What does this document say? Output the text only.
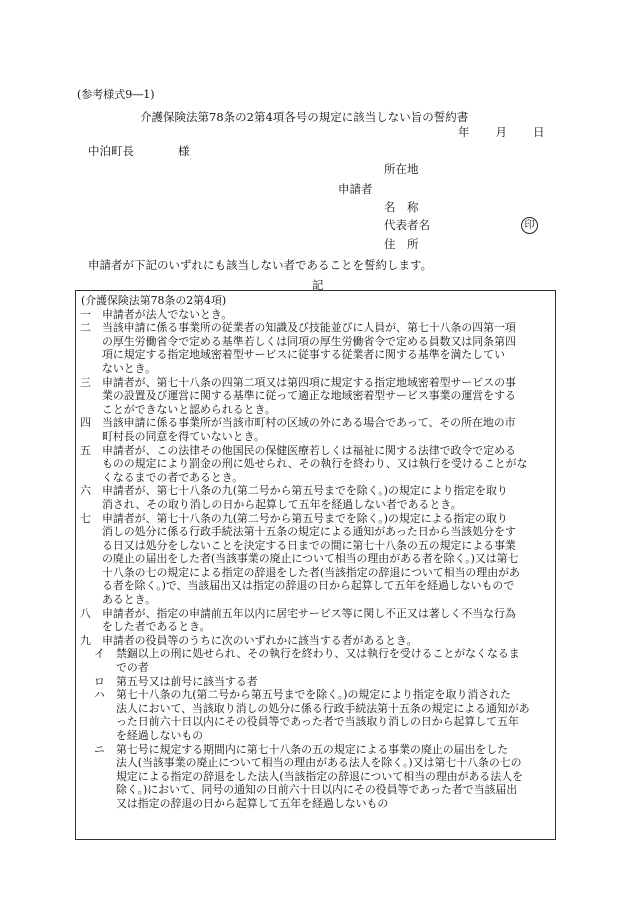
(参考様式9―1)
介護保険法第78条の2第4項各号の規定に該当しない旨の誓約書
年 月 日
中泊町長	様
所在地
申請者
名　称
代表者名	印
住　所
申請者が下記のいずれにも該当しない者であることを誓約します。
記
(介護保険法第78条の2第4項)
一	申請者が法人でないとき。
二	当該申請に係る事業所の従業者の知識及び技能並びに人員が、第七十八条の四第一項
の厚生労働省令で定める基準若しくは同項の厚生労働省令で定める員数又は同条第四
項に規定する指定地域密着型サービスに従事する従業者に関する基準を満たしてい
ないとき。
三	申請者が、第七十八条の四第二項又は第四項に規定する指定地域密着型サービスの事
業の設置及び運営に関する基準に従って適正な地域密着型サービス事業の運営をする
ことができないと認められるとき。
四	当該申請に係る事業所が当該市町村の区域の外にある場合であって、その所在地の市
町村長の同意を得ていないとき。
五	申請者が、この法律その他国民の保健医療若しくは福祉に関する法律で政令で定める
ものの規定により罰金の刑に処せられ、その執行を終わり、又は執行を受けることがな
くなるまでの者であるとき。
六	申請者が、第七十八条の九(第二号から第五号までを除く。)の規定により指定を取り
消され、その取り消しの日から起算して五年を経過しない者であるとき。
七	申請者が、第七十八条の九(第二号から第五号までを除く。)の規定による指定の取り
消しの処分に係る行政手続法第十五条の規定による通知があった日から当該処分をす
る日又は処分をしないことを決定する日までの間に第七十八条の五の規定による事業
の廃止の届出をした者(当該事業の廃止について相当の理由がある者を除く。)又は第七
十八条の七の規定による指定の辞退をした者(当該指定の辞退について相当の理由があ
る者を除く。)で、当該届出又は指定の辞退の日から起算して五年を経過しないもので
あるとき。
八	申請者が、指定の申請前五年以内に居宅サービス等に関し不正又は著しく不当な行為
をした者であるとき。
九	申請者の役員等のうちに次のいずれかに該当する者があるとき。
イ	禁錮以上の刑に処せられ、その執行を終わり、又は執行を受けることがなくなるま
での者
ロ	第五号又は前号に該当する者
ハ	第七十八条の九(第二号から第五号までを除く。)の規定により指定を取り消された
法人において、当該取り消しの処分に係る行政手続法第十五条の規定による通知があ
った日前六十日以内にその役員等であった者で当該取り消しの日から起算して五年
を経過しないもの
ニ	第七号に規定する期間内に第七十八条の五の規定による事業の廃止の届出をした
法人(当該事業の廃止について相当の理由がある法人を除く。)又は第七十八条の七の
規定による指定の辞退をした法人(当該指定の辞退について相当の理由がある法人を
除く。)において、同号の通知の日前六十日以内にその役員等であった者で当該届出
又は指定の辞退の日から起算して五年を経過しないもの
